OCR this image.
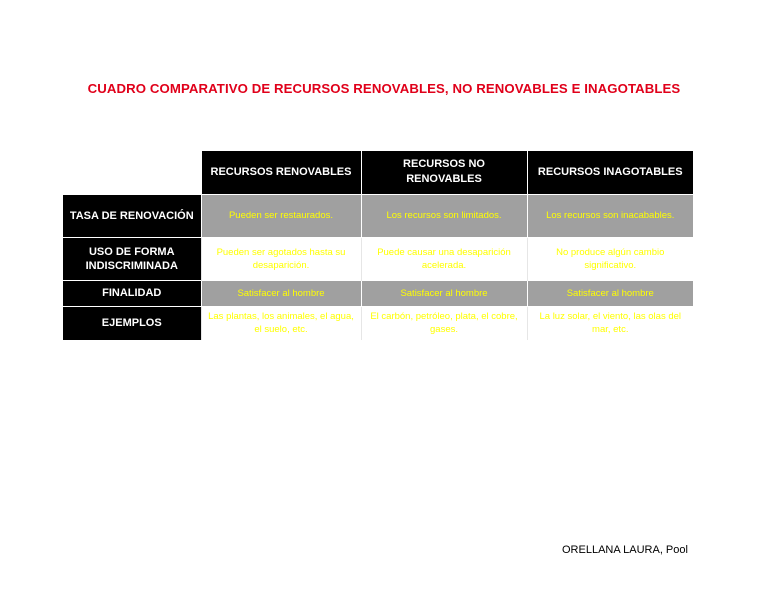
CUADRO COMPARATIVO DE RECURSOS RENOVABLES, NO RENOVABLES E INAGOTABLES
	RECURSOS RENOVABLES	RECURSOS NO RENOVABLES	RECURSOS INAGOTABLES
TASA DE RENOVACIÓN	Pueden ser restaurados.	Los recursos son limitados.	Los recursos son inacabables.
USO DE FORMA INDISCRIMINADA	Pueden ser agotados hasta su desaparición.	Puede causar una desaparición acelerada.	No produce algún cambio significativo.
FINALIDAD	Satisfacer al hombre	Satisfacer al hombre	Satisfacer al hombre
EJEMPLOS	Las plantas, los animales, el agua, el suelo, etc.	El carbón, petróleo, plata, el cobre, gases.	La luz solar, el viento, las olas del mar, etc.
ORELLANA LAURA, Pool
